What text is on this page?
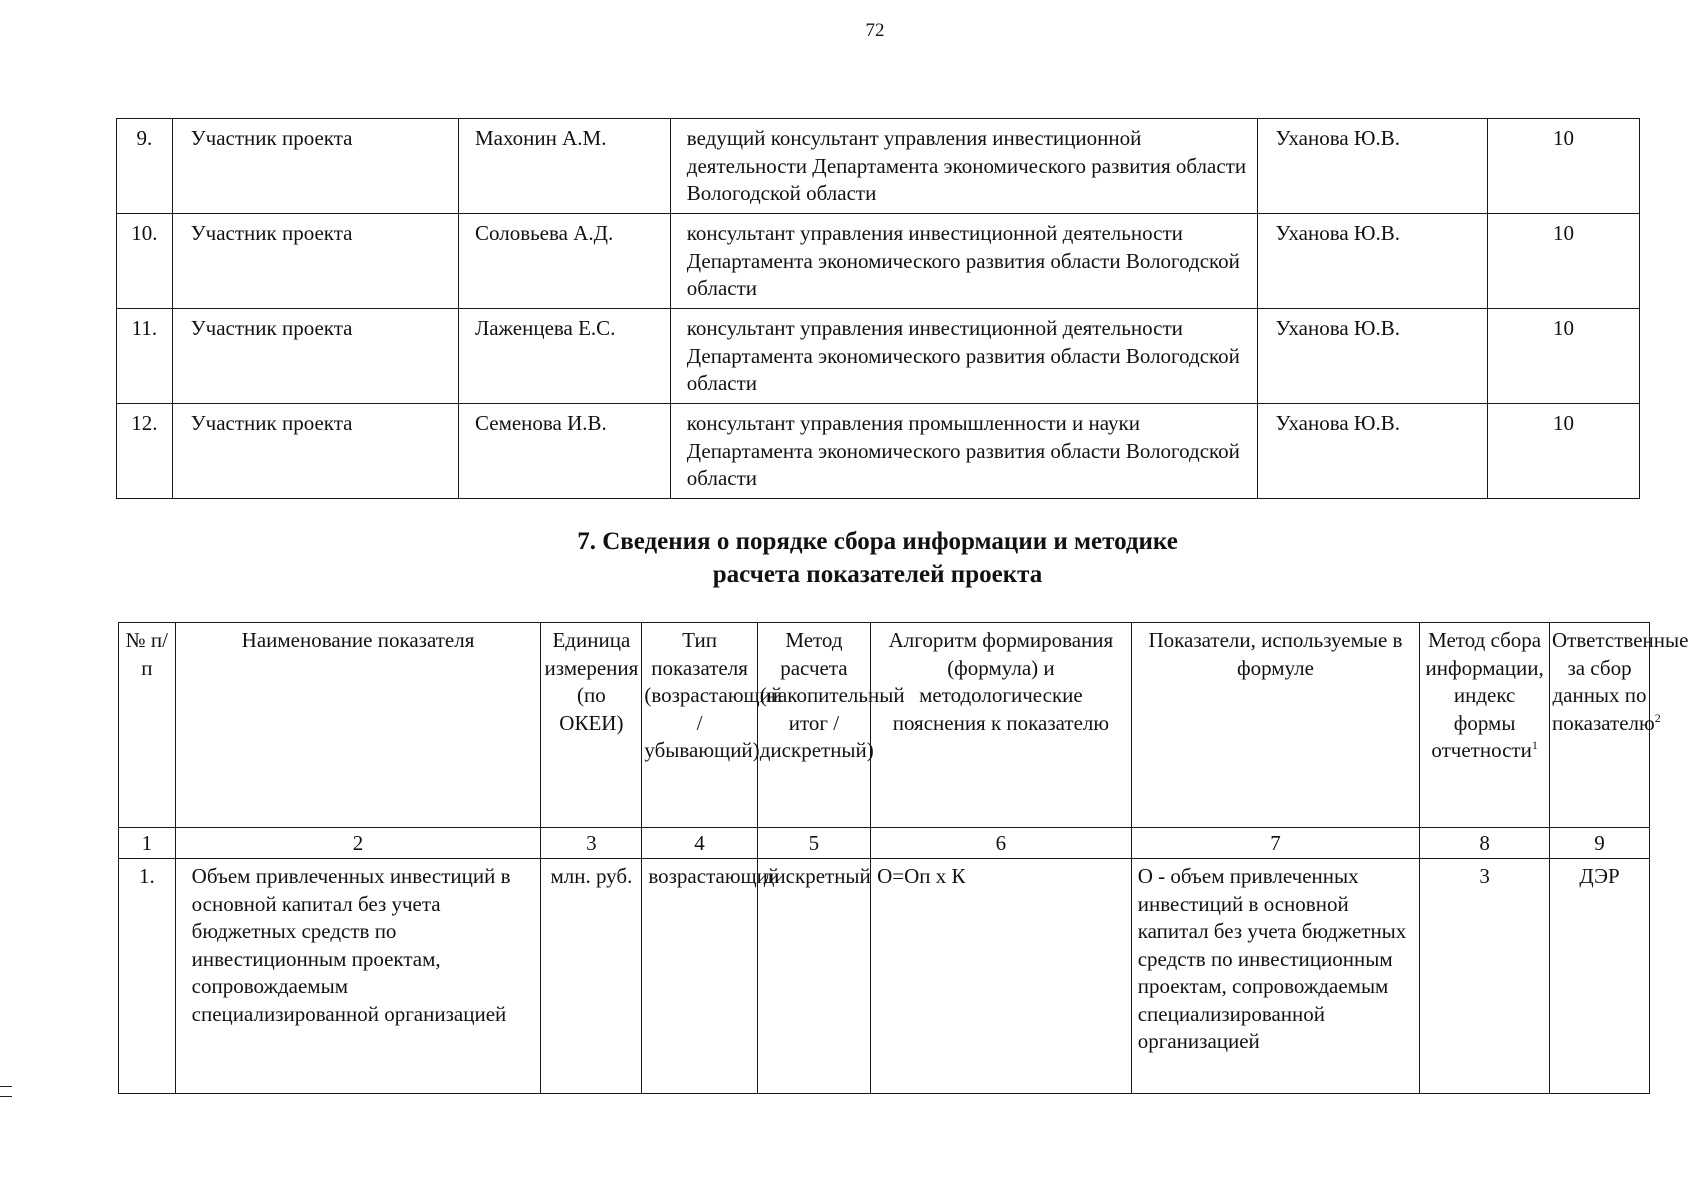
72
9.	Участник проекта	Махонин А.М.	ведущий консультант управления инвестиционной деятельности Департамента экономического развития области Вологодской области	Уханова Ю.В.	10
10.	Участник проекта	Соловьева А.Д.	консультант управления инвестиционной деятельности Департамента экономического развития области Вологодской области	Уханова Ю.В.	10
11.	Участник проекта	Лаженцева Е.С.	консультант управления инвестиционной деятельности Департамента экономического развития области Вологодской области	Уханова Ю.В.	10
12.	Участник проекта	Семенова И.В.	консультант управления промышленности и науки Департамента экономического развития области Вологодской области	Уханова Ю.В.	10
7. Сведения о порядке сбора информации и методике
расчета показателей проекта
№ п/п	Наименование показателя	Единица измерения (по ОКЕИ)	Тип показателя (возрастающий / убывающий)	Метод расчета (накопительный итог / дискретный)	Алгоритм формирования (формула) и методологические пояснения к показателю	Показатели, используемые в формуле	Метод сбора информации, индекс формы отчетности$^1$	Ответственные за сбор данных по показателю$^2$
1	2	3	4	5	6	7	8	9
1.	Объем привлеченных инвестиций в основной капитал без учета бюджетных средств по инвестиционным проектам, сопровождаемым специализированной организацией	млн. руб.	возрастающий	дискретный	О=Оп х К	О - объем привлеченных инвестиций в основной капитал без учета бюджетных средств по инвестиционным проектам, сопровождаемым специализированной организацией	3	ДЭР
